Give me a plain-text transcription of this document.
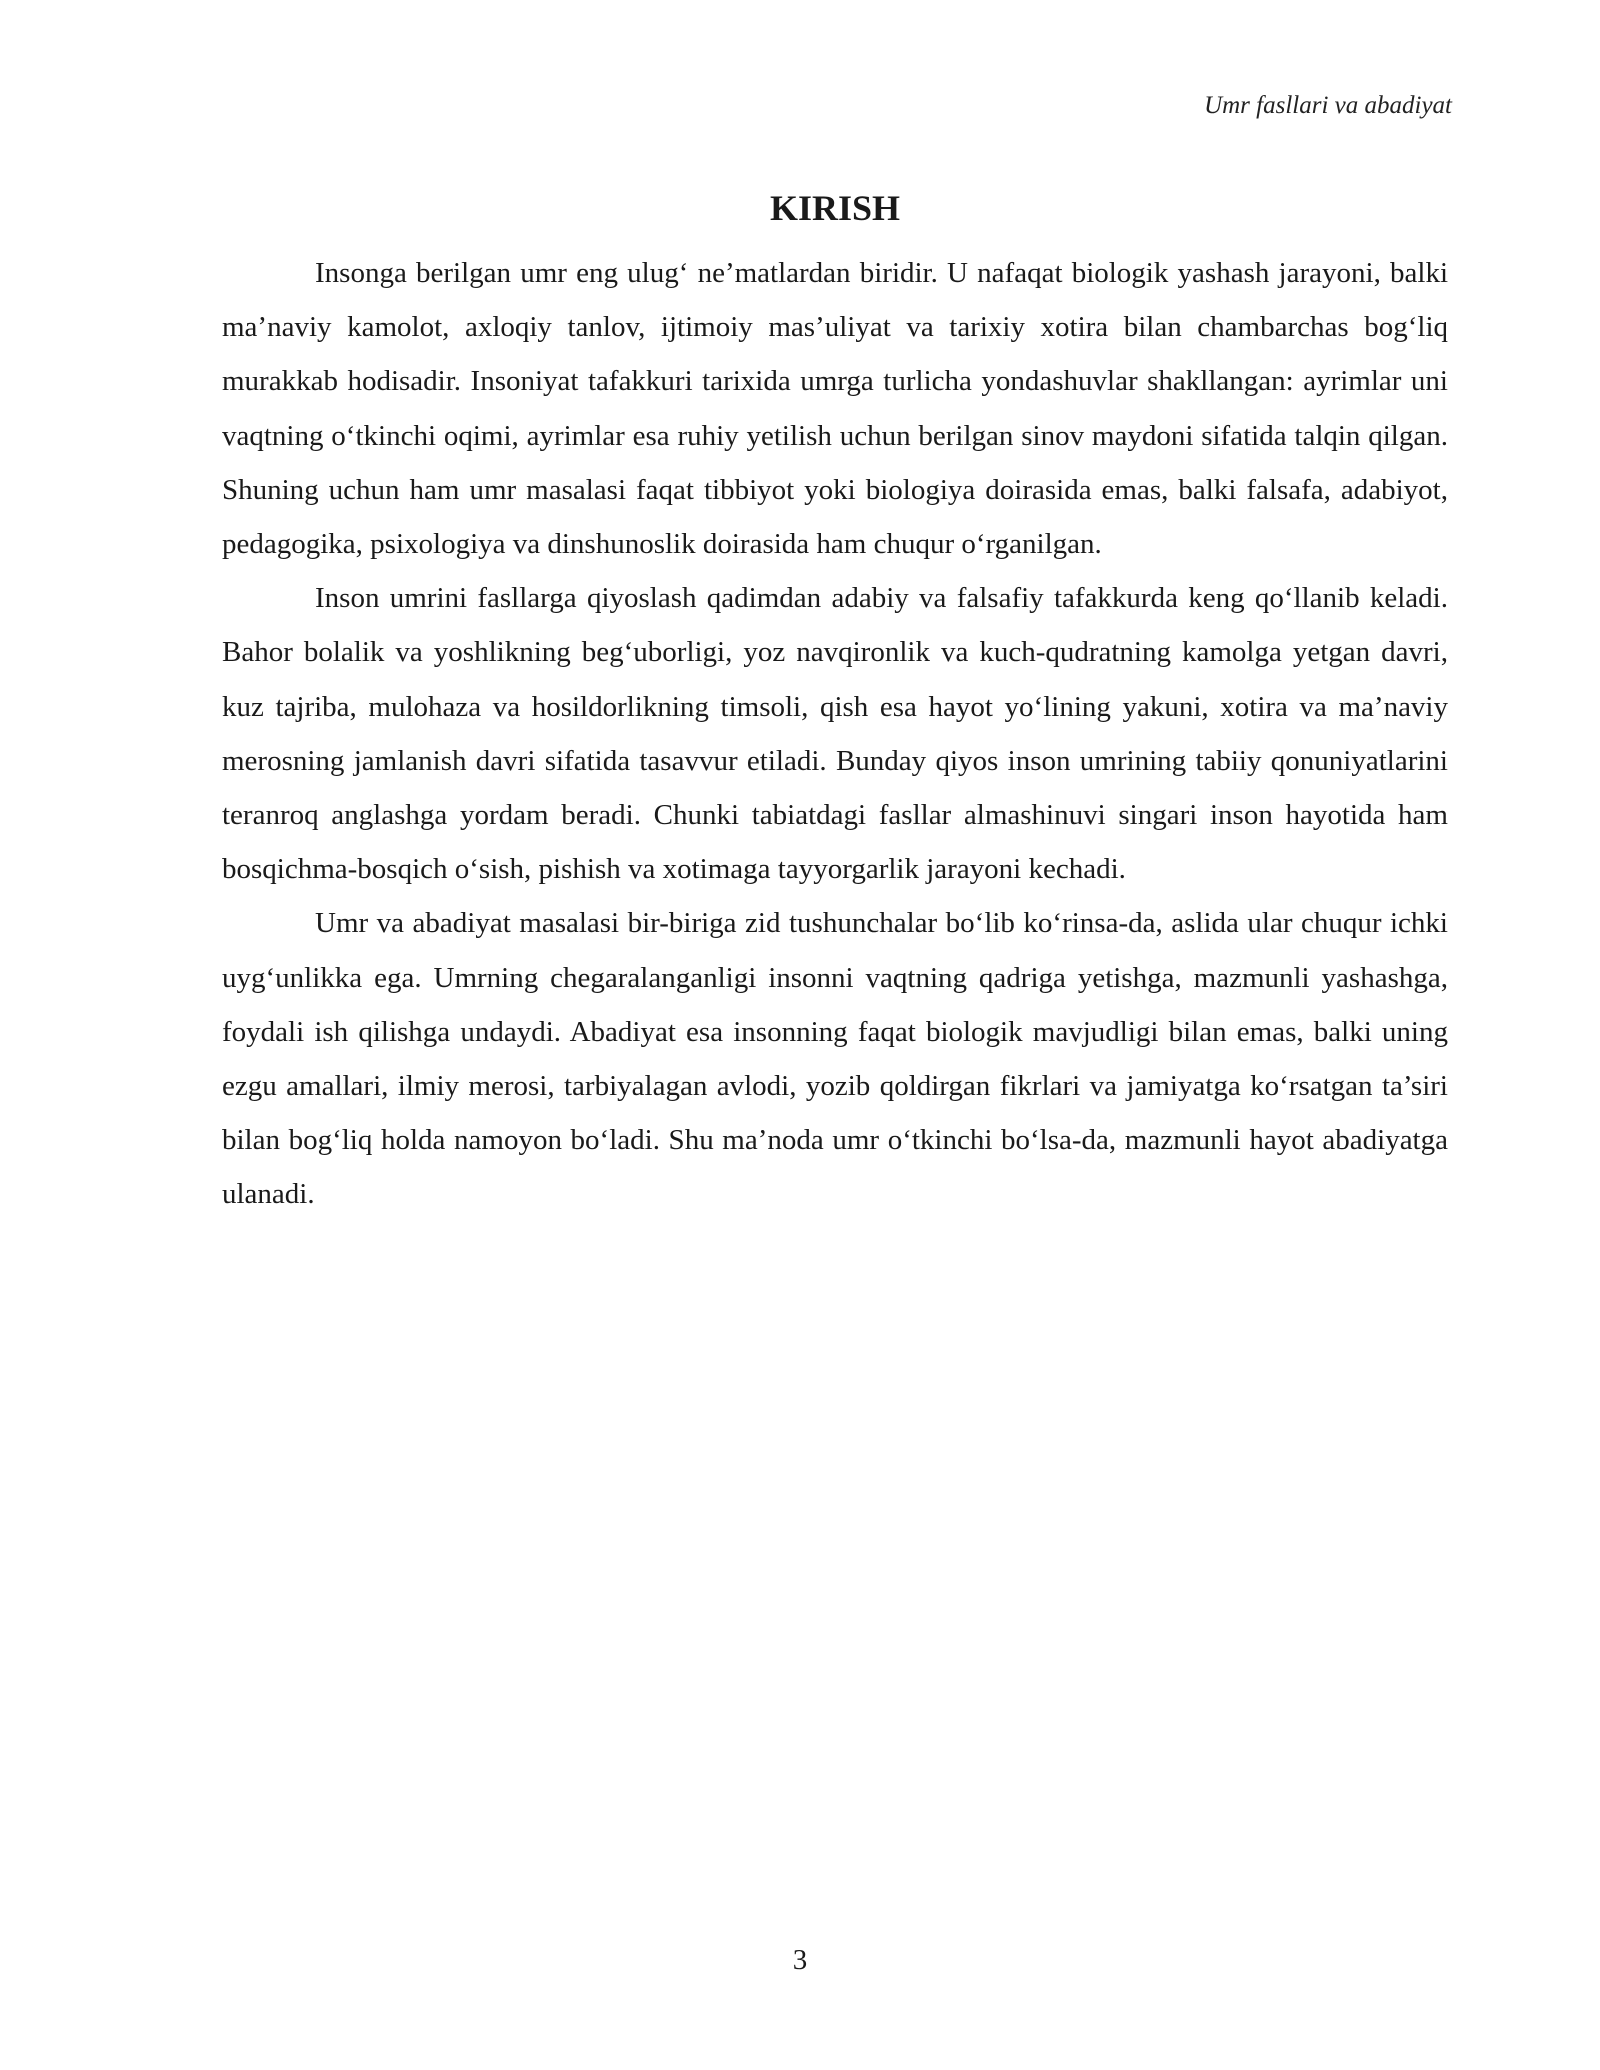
Umr fasllari va abadiyat
KIRISH

Insonga berilgan umr eng ulug‘ ne’matlardan biridir. U nafaqat biologik yashash jarayoni, balki ma’naviy kamolot, axloqiy tanlov, ijtimoiy mas’uliyat va tarixiy xotira bilan chambarchas bog‘liq murakkab hodisadir. Insoniyat tafakkuri tarixida umrga turlicha yondashuvlar shakllangan: ayrimlar uni vaqtning o‘tkinchi oqimi, ayrimlar esa ruhiy yetilish uchun berilgan sinov maydoni sifatida talqin qilgan. Shuning uchun ham umr masalasi faqat tibbiyot yoki biologiya doirasida emas, balki falsafa, adabiyot, pedagogika, psixologiya va dinshunoslik doirasida ham chuqur o‘rganilgan.

Inson umrini fasllarga qiyoslash qadimdan adabiy va falsafiy tafakkurda keng qo‘llanib keladi. Bahor bolalik va yoshlikning beg‘uborligi, yoz navqironlik va kuch-qudratning kamolga yetgan davri, kuz tajriba, mulohaza va hosildorlikning timsoli, qish esa hayot yo‘lining yakuni, xotira va ma’naviy merosning jamlanish davri sifatida tasavvur etiladi. Bunday qiyos inson umrining tabiiy qonuniyatlarini teranroq anglashga yordam beradi. Chunki tabiatdagi fasllar almashinuvi singari inson hayotida ham bosqichma-bosqich o‘sish, pishish va xotimaga tayyorgarlik jarayoni kechadi.

Umr va abadiyat masalasi bir-biriga zid tushunchalar bo‘lib ko‘rinsa-da, aslida ular chuqur ichki uyg‘unlikka ega. Umrning chegaralanganligi insonni vaqtning qadriga yetishga, mazmunli yashashga, foydali ish qilishga undaydi. Abadiyat esa insonning faqat biologik mavjudligi bilan emas, balki uning ezgu amallari, ilmiy merosi, tarbiyalagan avlodi, yozib qoldirgan fikrlari va jamiyatga ko‘rsatgan ta’siri bilan bog‘liq holda namoyon bo‘ladi. Shu ma’noda umr o‘tkinchi bo‘lsa-da, mazmunli hayot abadiyatga ulanadi.

3
